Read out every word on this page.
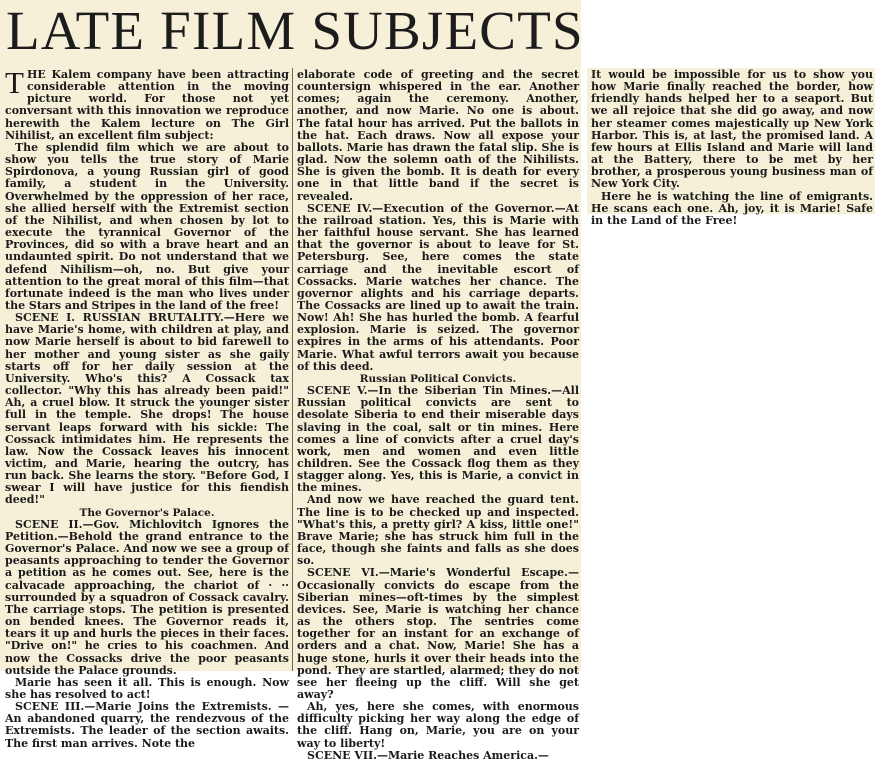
LATE FILM SUBJECTS

THE Kalem company have been attracting considerable attention in the moving picture world. For those not yet conversant with this innovation we reproduce herewith the Kalem lecture on The Girl Nihilist, an excellent film subject:

The splendid film which we are about to show you tells the true story of Marie Spirdonova, a young Russian girl of good family, a student in the University. Overwhelmed by the oppression of her race, she allied herself with the Extremist section of the Nihilist, and when chosen by lot to execute the tyrannical Governor of the Provinces, did so with a brave heart and an undaunted spirit. Do not understand that we defend Nihilism—oh, no. But give your attention to the great moral of this film—that fortunate indeed is the man who lives under the Stars and Stripes in the land of the free!

SCENE I. RUSSIAN BRUTALITY.—Here we have Marie's home, with children at play, and now Marie herself is about to bid farewell to her mother and young sister as she gaily starts off for her daily session at the University. Who's this? A Cossack tax collector. "Why this has already been paid!" Ah, a cruel blow. It struck the younger sister full in the temple. She drops! The house servant leaps forward with his sickle: The Cossack intimidates him. He represents the law. Now the Cossack leaves his innocent victim, and Marie, hearing the outcry, has run back. She learns the story. "Before God, I swear I will have justice for this fiendish deed!"

The Governor's Palace.

SCENE II.—Gov. Michlovitch Ignores the Petition.—Behold the grand entrance to the Governor's Palace. And now we see a group of peasants approaching to tender the Governor a petition as he comes out. See, here is the calvacade approaching, the chariot of · ·· surrounded by a squadron of Cossack cavalry. The carriage stops. The petition is presented on bended knees. The Governor reads it, tears it up and hurls the pieces in their faces. "Drive on!" he cries to his coachmen. And now the Cossacks drive the poor peasants outside the Palace grounds.

Marie has seen it all. This is enough. Now she has resolved to act!

SCENE III.—Marie Joins the Extremists. —An abandoned quarry, the rendezvous of the Extremists. The leader of the section awaits. The first man arrives. Note the

elaborate code of greeting and the secret countersign whispered in the ear. Another comes; again the ceremony. Another, another, and now Marie. No one is about. The fatal hour has arrived. Put the ballots in the hat. Each draws. Now all expose your ballots. Marie has drawn the fatal slip. She is glad. Now the solemn oath of the Nihilists. She is given the bomb. It is death for every one in that little band if the secret is revealed.

SCENE IV.—Execution of the Governor.—At the railroad station. Yes, this is Marie with her faithful house servant. She has learned that the governor is about to leave for St. Petersburg. See, here comes the state carriage and the inevitable escort of Cossacks. Marie watches her chance. The governor alights and his carriage departs. The Cossacks are lined up to await the train. Now! Ah! She has hurled the bomb. A fearful explosion. Marie is seized. The governor expires in the arms of his attendants. Poor Marie. What awful terrors await you because of this deed.

Russian Political Convicts.

SCENE V.—In the Siberian Tin Mines.—All Russian political convicts are sent to desolate Siberia to end their miserable days slaving in the coal, salt or tin mines. Here comes a line of convicts after a cruel day's work, men and women and even little children. See the Cossack flog them as they stagger along. Yes, this is Marie, a convict in the mines.

And now we have reached the guard tent. The line is to be checked up and inspected. "What's this, a pretty girl? A kiss, little one!" Brave Marie; she has struck him full in the face, though she faints and falls as she does so.

SCENE VI.—Marie's Wonderful Escape.—Occasionally convicts do escape from the Siberian mines—oft-times by the simplest devices. See, Marie is watching her chance as the others stop. The sentries come together for an instant for an exchange of orders and a chat. Now, Marie! She has a huge stone, hurls it over their heads into the pond. They are startled, alarmed; they do not see her fleeing up the cliff. Will she get away?

Ah, yes, here she comes, with enormous difficulty picking her way along the edge of the cliff. Hang on, Marie, you are on your way to liberty!

SCENE VII.—Marie Reaches America.—

It would be impossible for us to show you how Marie finally reached the border, how friendly hands helped her to a seaport. But we all rejoice that she did go away, and now her steamer comes majestically up New York Harbor. This is, at last, the promised land. A few hours at Ellis Island and Marie will land at the Battery, there to be met by her brother, a prosperous young business man of New York City.

Here he is watching the line of emigrants. He scans each one. Ah, joy, it is Marie! Safe in the Land of the Free!
